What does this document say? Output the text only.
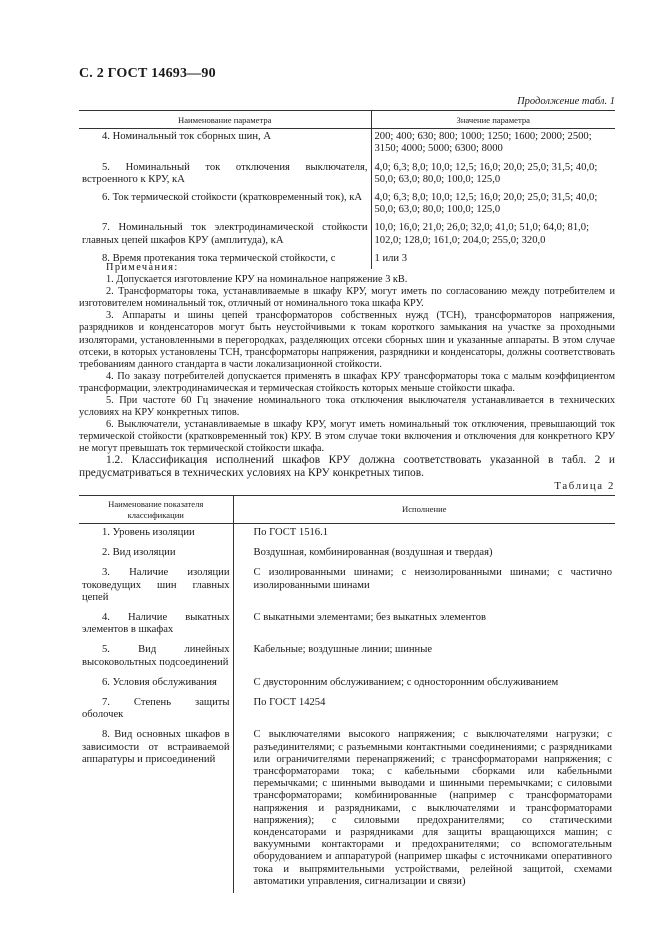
С. 2 ГОСТ 14693—90
Продолжение табл. 1
Наименование параметра	Значение параметра
4. Номинальный ток сборных шин, А	200; 400; 630; 800; 1000; 1250; 1600; 2000; 2500; 3150; 4000; 5000; 6300; 8000
5. Номинальный ток отключения выключателя, встроенного к КРУ, кА	4,0; 6,3; 8,0; 10,0; 12,5; 16,0; 20,0; 25,0; 31,5; 40,0; 50,0; 63,0; 80,0; 100,0; 125,0
6. Ток термической стойкости (кратковременный ток), кА	4,0; 6,3; 8,0; 10,0; 12,5; 16,0; 20,0; 25,0; 31,5; 40,0; 50,0; 63,0; 80,0; 100,0; 125,0
7. Номинальный ток электродинамической стойкости главных цепей шкафов КРУ (амплитуда), кА	10,0; 16,0; 21,0; 26,0; 32,0; 41,0; 51,0; 64,0; 81,0; 102,0; 128,0; 161,0; 204,0; 255,0; 320,0
8. Время протекания тока термической стойкости, с	1 или 3

Примечания:

1. Допускается изготовление КРУ на номинальное напряжение 3 кВ.

2. Трансформаторы тока, устанавливаемые в шкафу КРУ, могут иметь по согласованию между потребителем и изготовителем номинальный ток, отличный от номинального тока шкафа КРУ.

3. Аппараты и шины цепей трансформаторов собственных нужд (ТСН), трансформаторов напряжения, разрядников и конденсаторов могут быть неустойчивыми к токам короткого замыкания на участке за проходными изоляторами, установленными в перегородках, разделяющих отсеки сборных шин и указанные аппараты. В этом случае отсеки, в которых установлены ТСН, трансформаторы напряжения, разрядники и конденсаторы, должны соответствовать требованиям данного стандарта в части локализационной стойкости.

4. По заказу потребителей допускается применять в шкафах КРУ трансформаторы тока с малым коэффициентом трансформации, электродинамическая и термическая стойкость которых меньше стойкости шкафа.

5. При частоте 60 Гц значение номинального тока отключения выключателя устанавливается в технических условиях на КРУ конкретных типов.

6. Выключатели, устанавливаемые в шкафу КРУ, могут иметь номинальный ток отключения, превышающий ток термической стойкости (кратковременный ток) КРУ. В этом случае токи включения и отключения для конкретного КРУ не могут превышать ток термической стойкости шкафа.

1.2. Классификация исполнений шкафов КРУ должна соответствовать указанной в табл. 2 и предусматриваться в технических условиях на КРУ конкретных типов.

Таблица 2
Наименование показателя классификации	Исполнение
1. Уровень изоляции	По ГОСТ 1516.1
2. Вид изоляции	Воздушная, комбинированная (воздушная и твердая)
3. Наличие изоляции токоведущих шин главных цепей	С изолированными шинами; с неизолированными шинами; с частично изолированными шинами
4. Наличие выкатных элементов в шкафах	С выкатными элементами; без выкатных элементов
5. Вид линейных высоковольтных подсоединений	Кабельные; воздушные линии; шинные
6. Условия обслуживания	С двусторонним обслуживанием; с односторонним обслуживанием
7. Степень защиты оболочек	По ГОСТ 14254
8. Вид основных шкафов в зависимости от встраиваемой аппаратуры и присоединений	С выключателями высокого напряжения; с выключателями нагрузки; с разъединителями; с разъемными контактными соединениями; с разрядниками или ограничителями перенапряжений; с трансформаторами напряжения; с трансформаторами тока; с кабельными сборками или кабельными перемычками; с шинными выводами и шинными перемычками; с силовыми трансформаторами; комбинированные (например с трансформаторами напряжения и разрядниками, с выключателями и трансформаторами напряжения); с силовыми предохранителями; со статическими конденсаторами и разрядниками для защиты вращающихся машин; с вакуумными контакторами и предохранителями; со вспомогательным оборудованием и аппаратурой (например шкафы с источниками оперативного тока и выпрямительными устройствами, релейной защитой, схемами автоматики управления, сигнализации и связи)
